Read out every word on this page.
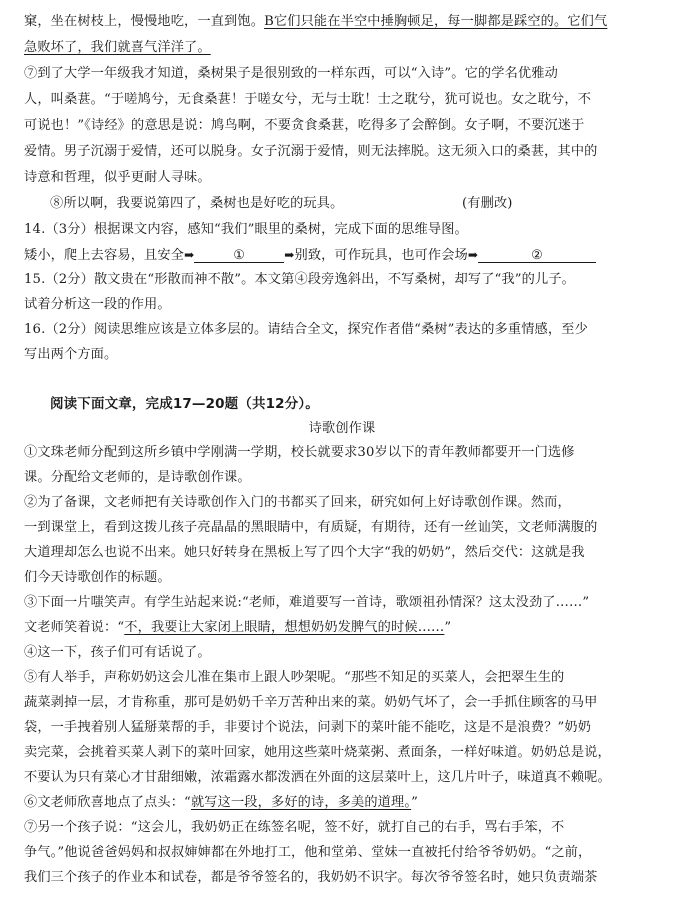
窠，坐在树枝上，慢慢地吃，一直到饱。B它们只能在半空中捶胸顿足，每一脚都是踩空的。它们气
急败坏了，我们就喜气洋洋了。
⑦到了大学一年级我才知道，桑树果子是很别致的一样东西，可以“入诗”。它的学名优雅动
人，叫桑葚。“于嗟鸠兮，无食桑葚！于嗟女兮，无与士耽！士之耽兮，犹可说也。女之耽兮，不
可说也！”《诗经》的意思是说：鸠鸟啊，不要贪食桑葚，吃得多了会醉倒。女子啊，不要沉迷于
爱情。男子沉溺于爱情，还可以脱身。女子沉溺于爱情，则无法摔脱。这无须入口的桑葚，其中的
诗意和哲理，似乎更耐人寻味。
⑧所以啊，我要说第四了，桑树也是好吃的玩具。	(有删改)
14.（3分）根据课文内容，感知“我们”眼里的桑树，完成下面的思维导图。
矮小，爬上去容易，且安全➡	①	➡别致，可作玩具，也可作会场➡	②
15.（2分）散文贵在“形散而神不散”。本文第④段旁逸斜出，不写桑树，却写了“我”的儿子。
试着分析这一段的作用。
16.（2分）阅读思维应该是立体多层的。请结合全文，探究作者借“桑树”表达的多重情感，至少
写出两个方面。
阅读下面文章，完成17—20题（共12分）。
诗歌创作课
①文珠老师分配到这所乡镇中学刚满一学期，校长就要求30岁以下的青年教师都要开一门选修
课。分配给文老师的，是诗歌创作课。
②为了备课，文老师把有关诗歌创作入门的书都买了回来，研究如何上好诗歌创作课。然而，
一到课堂上，看到这拨儿孩子亮晶晶的黑眼睛中，有质疑，有期待，还有一丝讪笑，文老师满腹的
大道理却怎么也说不出来。她只好转身在黑板上写了四个大字“我的奶奶”，然后交代：这就是我
们今天诗歌创作的标题。
③下面一片嗤笑声。有学生站起来说:“老师，难道要写一首诗，歌颂祖孙情深？这太没劲了……”
文老师笑着说：“不，我要让大家闭上眼睛，想想奶奶发脾气的时候……”
④这一下，孩子们可有话说了。
⑤有人举手，声称奶奶这会儿准在集市上跟人吵架呢。“那些不知足的买菜人，会把翠生生的
蔬菜剥掉一层，才肯称重，那可是奶奶千辛万苦种出来的菜。奶奶气坏了，会一手抓住顾客的马甲
袋，一手拽着别人猛掰菜帮的手，非要讨个说法，问剥下的菜叶能不能吃，这是不是浪费？”奶奶
卖完菜，会挑着买菜人剥下的菜叶回家，她用这些菜叶烧菜粥、煮面条，一样好味道。奶奶总是说，
不要认为只有菜心才甘甜细嫩，浓霜露水都泼洒在外面的这层菜叶上，这几片叶子，味道真不赖呢。
⑥文老师欣喜地点了点头：“就写这一段，多好的诗，多美的道理。”
⑦另一个孩子说：“这会儿，我奶奶正在练签名呢，签不好，就打自己的右手，骂右手笨，不
争气。”他说爸爸妈妈和叔叔婶婶都在外地打工，他和堂弟、堂妹一直被托付给爷爷奶奶。“之前，
我们三个孩子的作业本和试卷，都是爷爷签名的，我奶奶不识字。每次爷爷签名时，她只负责端茶
